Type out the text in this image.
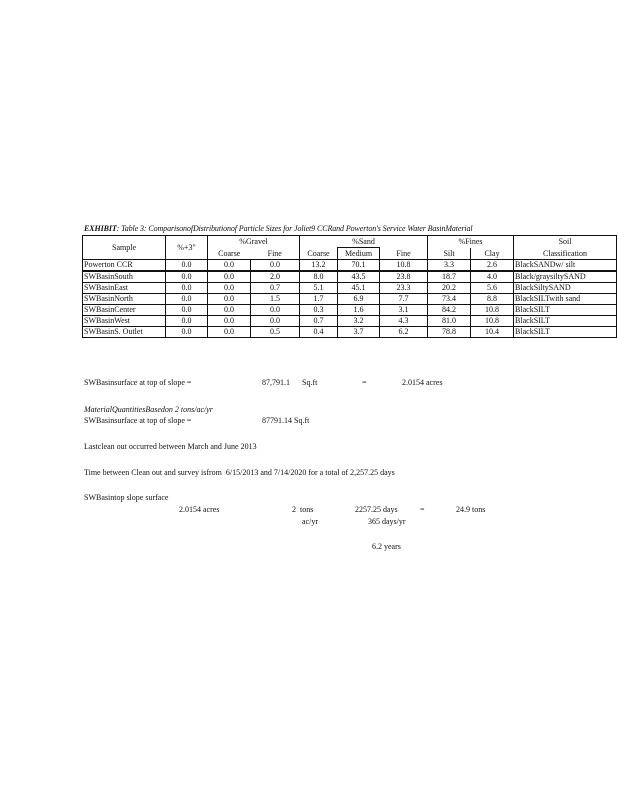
EXHIBIT: Table 3: ComparisonofDistributionof Particle Sizes for Joliet9 CCRand Powerton's Service Water BasinMaterial
Sample	%+3"	%Gravel		%Sand			%Fines		Soil
		Coarse	Fine	Coarse	Medium	Fine	Silt	Clay	Classification
Powerton CCR	0.0	0.0	0.0	13.2	70.1	10.8	3.3	2.6	BlackSANDw/ silt
SWBasinSouth	0.0	0.0	2.0	8.0	43.5	23.8	18.7	4.0	Black/graysiltySAND
SWBasinEast	0.0	0.0	0.7	5.1	45.1	23.3	20.2	5.6	BlackSiltySAND
SWBasinNorth	0.0	0.0	1.5	1.7	6.9	7.7	73.4	8.8	BlackSILTwith sand
SWBasinCenter	0.0	0.0	0.0	0.3	1.6	3.1	84.2	10.8	BlackSILT
SWBasinWest	0.0	0.0	0.0	0.7	3.2	4.3	81.0	10.8	BlackSILT
SWBasinS. Outlet	0.0	0.0	0.5	0.4	3.7	6.2	78.8	10.4	BlackSILT
SWBasinsurface at top of slope =	87,791.1 Sq.ft	=	2.0154 acres
MaterialQuantitiesBasedon 2 tons/ac/yr
SWBasinsurface at top of slope =	87791.14 Sq.ft
Lastclean out occurred between March and June 2013
Time between Clean out and survey isfrom  6/15/2013 and 7/14/2020 for a total of 2,257.25 days
SWBasintop slope surface
2.0154 acres	2  tons
ac/yr
2257.25 days
365 days/yr
=	24.9 tons
6.2 years
